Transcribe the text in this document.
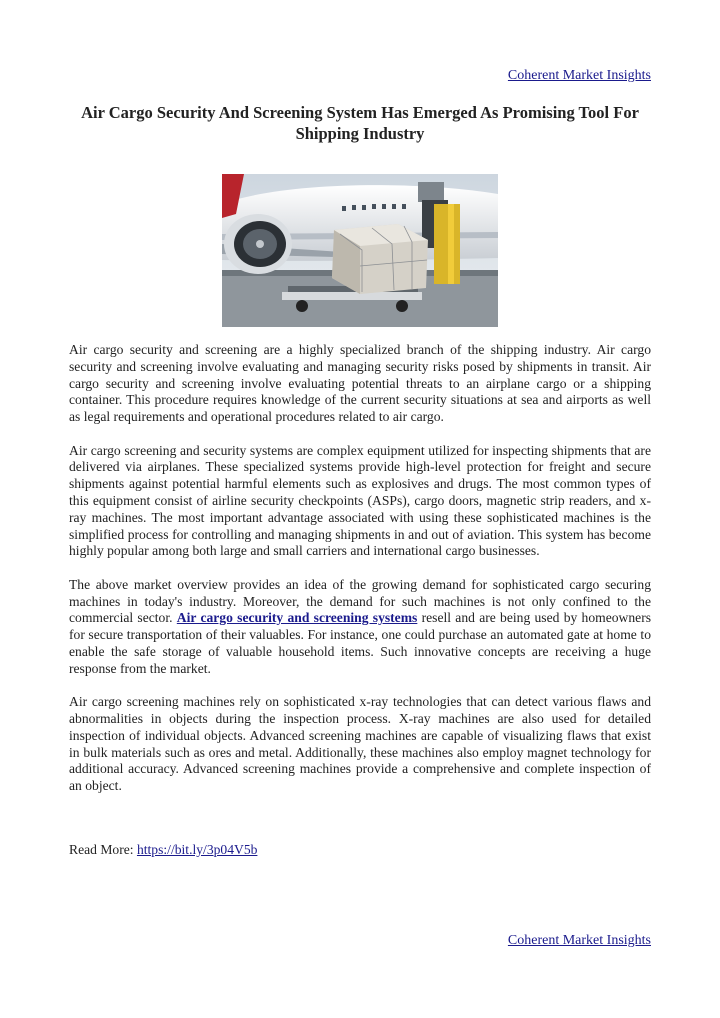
Coherent Market Insights
Air Cargo Security And Screening System Has Emerged As Promising Tool For Shipping Industry

Air cargo security and screening are a highly specialized branch of the shipping industry. Air cargo security and screening involve evaluating and managing security risks posed by shipments in transit. Air cargo security and screening involve evaluating potential threats to an airplane cargo or a shipping container. This procedure requires knowledge of the current security situations at sea and airports as well as legal requirements and operational procedures related to air cargo.

Air cargo screening and security systems are complex equipment utilized for inspecting shipments that are delivered via airplanes. These specialized systems provide high-level protection for freight and secure shipments against potential harmful elements such as explosives and drugs. The most common types of this equipment consist of airline security checkpoints (ASPs), cargo doors, magnetic strip readers, and x-ray machines. The most important advantage associated with using these sophisticated machines is the simplified process for controlling and managing shipments in and out of aviation. This system has become highly popular among both large and small carriers and international cargo businesses.

The above market overview provides an idea of the growing demand for sophisticated cargo securing machines in today's industry. Moreover, the demand for such machines is not only confined to the commercial sector. Air cargo security and screening systems resell and are being used by homeowners for secure transportation of their valuables. For instance, one could purchase an automated gate at home to enable the safe storage of valuable household items. Such innovative concepts are receiving a huge response from the market.

Air cargo screening machines rely on sophisticated x-ray technologies that can detect various flaws and abnormalities in objects during the inspection process. X-ray machines are also used for detailed inspection of individual objects. Advanced screening machines are capable of visualizing flaws that exist in bulk materials such as ores and metal. Additionally, these machines also employ magnet technology for additional accuracy. Advanced screening machines provide a comprehensive and complete inspection of an object.

Read More: https://bit.ly/3p04V5b
Coherent Market Insights
